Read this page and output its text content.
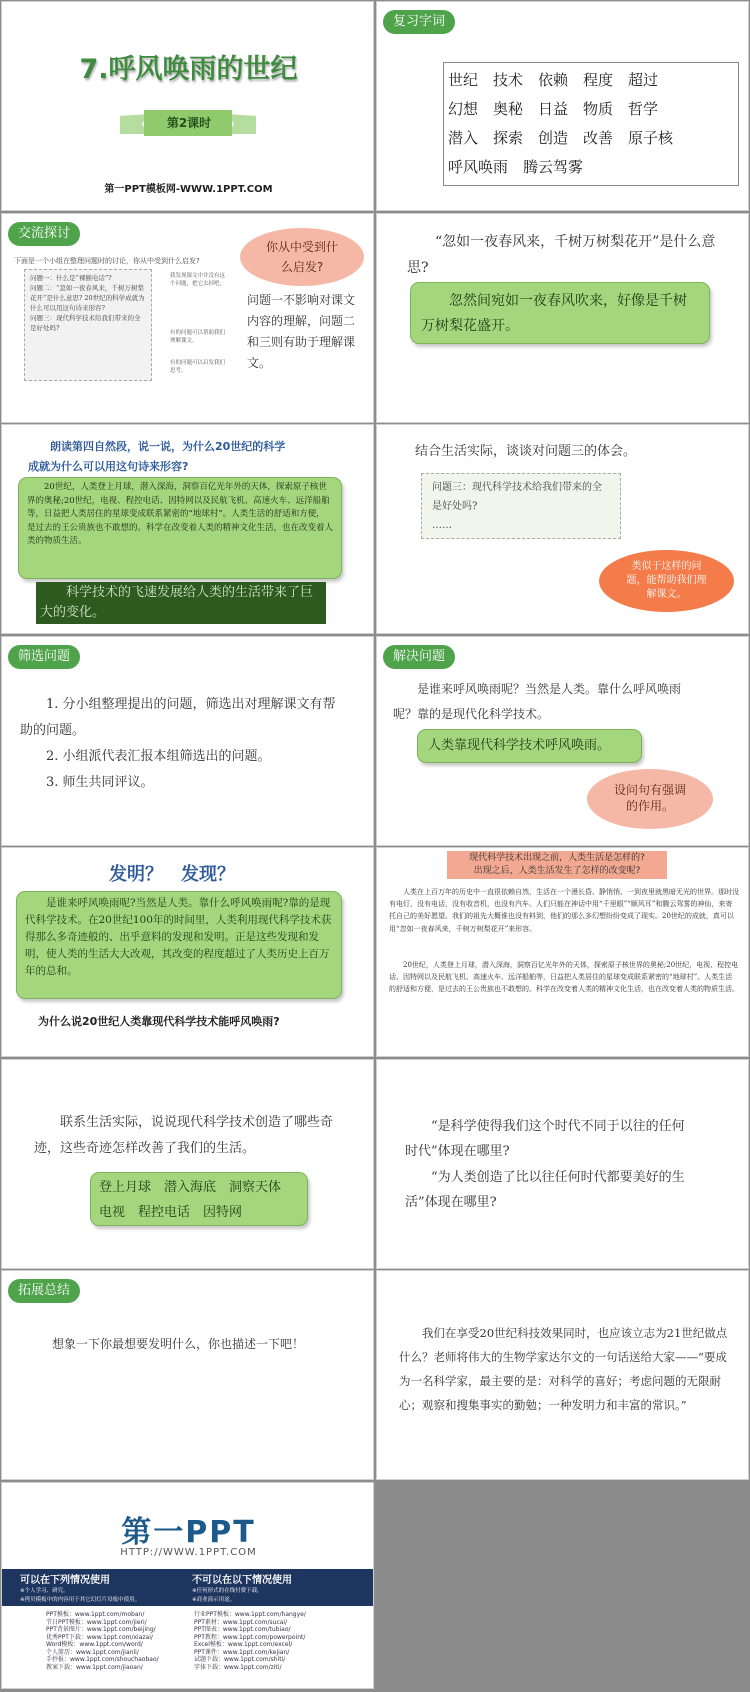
7.呼风唤雨的世纪
第2课时
第一PPT模板网-WWW.1PPT.COM
复习字词
世纪　技术　依赖　程度　超过
幻想　奥秘　日益　物质　哲学
潜入　探索　创造　改善　原子核
呼风唤雨　腾云驾雾
交流探讨
下面是一个小组在整理问题时的讨论，你从中受到什么启发?
问题一：什么是“裸猴电话”?
问题二：“忽如一夜春风来，千树万树梨花开”是什么意思? 20世纪的科学成就为什么可以用这句诗来形容?
问题三：现代科学技术给我们带来的全是好处吗?
我发现课文中并没有这个问题，把它去掉吧。
有的问题可以帮助我们理解课文。
有的问题可以启发我们思考。
你从中受到什么启发?
问题一不影响对课文内容的理解，问题二和三则有助于理解课文。
“忽如一夜春风来，千树万树梨花开”是什么意思?
忽然间宛如一夜春风吹来，好像是千树万树梨花盛开。
朗读第四自然段，说一说，为什么20世纪的科学成就为什么可以用这句诗来形容?
20世纪，人类登上月球，潜入深海，洞察百亿光年外的天体，探索原子核世界的奥秘;20世纪，电视、程控电话、因特网以及民航飞机、高速火车、远洋船舶等，日益把人类居住的星球变成联系紧密的“地球村”。人类生活的舒适和方便，是过去的王公贵族也不敢想的。科学在改变着人类的精神文化生活，也在改变着人类的物质生活。
科学技术的飞速发展给人类的生活带来了巨大的变化。
结合生活实际，谈谈对问题三的体会。
问题三：现代科学技术给我们带来的全是好处吗?
……
类似于这样的问题，能帮助我们理解课文。
筛选问题
1. 分小组整理提出的问题，筛选出对理解课文有帮助的问题。
2. 小组派代表汇报本组筛选出的问题。
3. 师生共同评议。
解决问题
是谁来呼风唤雨呢？当然是人类。靠什么呼风唤雨呢？靠的是现代化科学技术。
人类靠现代科学技术呼风唤雨。
设问句有强调的作用。
发明？　发现？
是谁来呼风唤雨呢?当然是人类。靠什么呼风唤雨呢?靠的是现代科学技术。在20世纪100年的时间里，人类利用现代科学技术获得那么多奇迹般的、出乎意料的发现和发明。正是这些发现和发明，使人类的生活大大改观，其改变的程度超过了人类历史上百万年的总和。
为什么说20世纪人类靠现代科学技术能呼风唤雨?
现代科学技术出现之前，人类生活是怎样的?
出现之后，人类生活发生了怎样的改变呢?
人类在上百万年的历史中一直很依赖自然，生活在一个漫长昏、静悄悄、一到夜里就黑暗无光的世界。那时没有电灯，没有电话，没有收音机，也没有汽车。人们只能在神话中用“千里眼”“顺风耳”和腾云驾雾的神仙，来寄托自己的美好愿望。我们的祖先大概谁也没有料到，他们的那么多幻想纷纷变成了现实。20世纪的成就，真可以用“忽如一夜春风来，千树万树梨花开”来形容。
20世纪，人类登上月球，潜入深海，洞察百亿光年外的天体，探索原子核世界的奥秘;20世纪，电视、程控电话、因特网以及民航飞机、高速火车、远洋船舶等，日益把人类居住的星球变成联系紧密的“地球村”。人类生活的舒适和方便，是过去的王公贵族也不敢想的。科学在改变着人类的精神文化生活，也在改变着人类的物质生活。
联系生活实际，说说现代科学技术创造了哪些奇迹，这些奇迹怎样改善了我们的生活。
登上月球　潜入海底　洞察天体
电视　程控电话　因特网
“是科学使得我们这个时代不同于以往的任何时代”体现在哪里?
“为人类创造了比以往任何时代都要美好的生活”体现在哪里?
拓展总结
想象一下你最想要发明什么，你也描述一下吧！
我们在享受20世纪科技效果同时，也应该立志为21世纪做点什么？老师将伟大的生物学家达尔文的一句话送给大家——“要成为一名科学家，最主要的是：对科学的喜好；考虑问题的无限耐心；观察和搜集事实的勤勉；一种发明力和丰富的常识。”
第一PPT
HTTP://WWW.1PPT.COM
可以在下列情况使用
※个人学习、研究。
※拷贝模板中的内容用于其它幻灯片母板中使用。
不可以在以下情况使用
※任何形式的在线付费下载。
※商业演示用途。
PPT模板：www.1ppt.com/moban/
节日PPT模板：www.1ppt.com/jieri/
PPT背景图片：www.1ppt.com/beijing/
优秀PPT下载：www.1ppt.com/xiazai/
Word模板：www.1ppt.com/word/
个人简历：www.1ppt.com/jianli/
手抄报：www.1ppt.com/shouchaobao/
教案下载：www.1ppt.com/jiaoan/
行业PPT模板：www.1ppt.com/hangye/
PPT素材：www.1ppt.com/sucai/
PPT图表：www.1ppt.com/tubiao/
PPT教程：www.1ppt.com/powerpoint/
Excel模板：www.1ppt.com/excel/
PPT课件：www.1ppt.com/kejian/
试题下载：www.1ppt.com/shiti/
字体下载：www.1ppt.com/ziti/
